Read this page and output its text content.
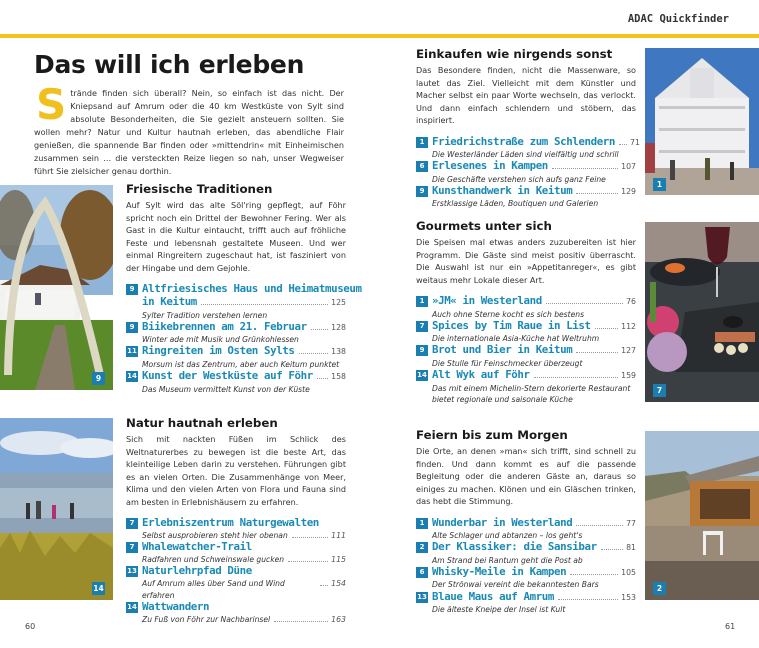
ADAC Quickfinder
Das will ich erleben
Strände finden sich überall? Nein, so einfach ist das nicht. Der Kniepsand auf Amrum oder die 40 km Westküste von Sylt sind absolute Besonderheiten, die Sie gezielt ansteuern sollten. Sie wollen mehr? Natur und Kultur hautnah erleben, das abendliche Flair genießen, die spannende Bar finden oder »mittendrin« mit Einheimischen zusammen sein … die versteckten Reize liegen so nah, unser Wegweiser führt Sie zielsicher genau dorthin.
9
Friesische Traditionen

Auf Sylt wird das alte Söl'ring gepflegt, auf Föhr spricht noch ein Drittel der Bewohner Fering. Wer als Gast in die Kultur eintaucht, trifft auch auf fröhliche Feste und lebensnah gestaltete Museen. Und wer einmal Ringreitern zugeschaut hat, ist fasziniert von der Hingabe und dem Gejohle.

9 Altfriesisches Haus und Heimatmuseum
in Keitum	125
Sylter Tradition verstehen lernen
9 Biikebrennen am 21. Februar	128
Winter ade mit Musik und Grünkohlessen
11 Ringreiten im Osten Sylts	138
Morsum ist das Zentrum, aber auch Keitum punktet
14 Kunst der Westküste auf Föhr 158
Das Museum vermittelt Kunst von der Küste
14
Natur hautnah erleben

Sich mit nackten Füßen im Schlick des Weltnaturerbes zu bewegen ist die beste Art, das kleinteilige Leben darin zu verstehen. Führungen gibt es an vielen Orten. Die Zusammenhänge von Meer, Klima und den vielen Arten von Flora und Fauna sind am besten in Erlebnishäusern zu erfahren.

7 Erlebniszentrum Naturgewalten
Selbst ausprobieren steht hier obenan	111
7 Whalewatcher-Trail
Radfahren und Schweinswale gucken	115
13 Naturlehrpfad Düne
Auf Amrum alles über Sand und Wind erfahren
154
14 Wattwandern
Zu Fuß von Föhr zur Nachbarinsel	163
60
Einkaufen wie nirgends sonst

Das Besondere finden, nicht die Massenware, so lautet das Ziel. Vielleicht mit dem Künstler und Macher selbst ein paar Worte wechseln, das verlockt. Und dann einfach schlendern und stöbern, das inspiriert.

1 Friedrichstraße zum Schlendern 71
Die Westerländer Läden sind vielfältig und schrill
6 Erlesenes in Kampen	107
Die Geschäfte verstehen sich aufs ganz Feine
9 Kunsthandwerk in Keitum	129
Erstklassige Läden, Boutiquen und Galerien
1
Gourmets unter sich

Die Speisen mal etwas anders zuzubereiten ist hier Programm. Die Gäste sind meist positiv überrascht. Die Auswahl ist nur ein »Appetitanreger«, es gibt weitaus mehr Lokale dieser Art.

1 »JM« in Westerland	76
Auch ohne Sterne kocht es sich bestens
7 Spices by Tim Raue in List	112
Die internationale Asia-Küche hat Weltruhm
9 Brot und Bier in Keitum	127
Die Stulle für Feinschmecker überzeugt
14 Alt Wyk auf Föhr	159
Das mit einem Michelin-Stern dekorierte Restaurant bietet regionale und saisonale Küche
7
Feiern bis zum Morgen

Die Orte, an denen »man« sich trifft, sind schnell zu finden. Und dann kommt es auf die passende Begleitung oder die anderen Gäste an, daraus so einiges zu machen. Klönen und ein Gläschen trinken, das hebt die Stimmung.

1 Wunderbar in Westerland	77
Alte Schlager und abtanzen – los geht's
2 Der Klassiker: die Sansibar	81
Am Strand bei Rantum geht die Post ab
6 Whisky-Meile in Kampen	105
Der Strönwai vereint die bekanntesten Bars
13 Blaue Maus auf Amrum	153
Die älteste Kneipe der Insel ist Kult
2
61
